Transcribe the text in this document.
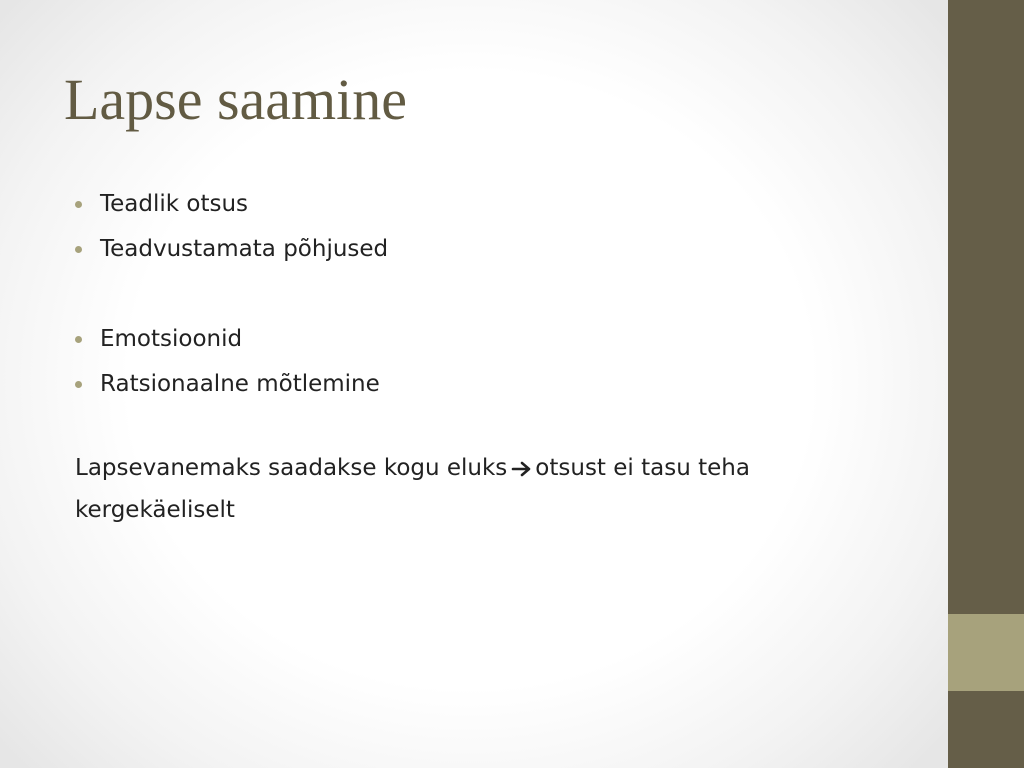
Lapse saamine
Teadlik otsus
Teadvustamata põhjused
Emotsioonid
Ratsionaalne mõtlemine

Lapsevanemaks saadakse kogu eluks otsust ei tasu teha kergekäeliselt
